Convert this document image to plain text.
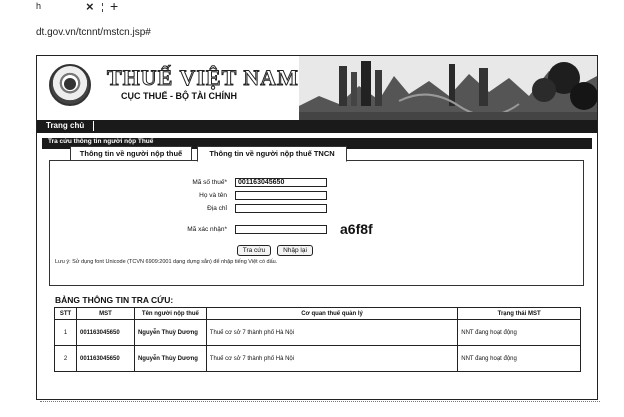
h	× +
dt.gov.vn/tcnnt/mstcn.jsp#
THUẾ VIỆT NAM
CỤC THUẾ - BỘ TÀI CHÍNH
Trang chủ
Tra cứu thông tin người nộp Thuế
Thông tin về người nộp thuế	Thông tin về người nộp thuế TNCN
Mã số thuế*	001163045650
Họ và tên
Địa chỉ
Mã xác nhận*	a6f8f
Tra cứu	Nhập lại
Lưu ý: Sử dụng font Unicode (TCVN 6909:2001 dạng dựng sẵn) để nhập tiếng Việt có dấu.
BẢNG THÔNG TIN TRA CỨU:
STT	MST	Tên người nộp thuế	Cơ quan thuế quản lý	Trạng thái MST
1	001163045650	Nguyễn Thuỳ Dương	Thuế cơ sở 7 thành phố Hà Nội	NNT đang hoạt động
2	001163045650	Nguyễn Thùy Dương	Thuế cơ sở 7 thành phố Hà Nội	NNT đang hoạt động
